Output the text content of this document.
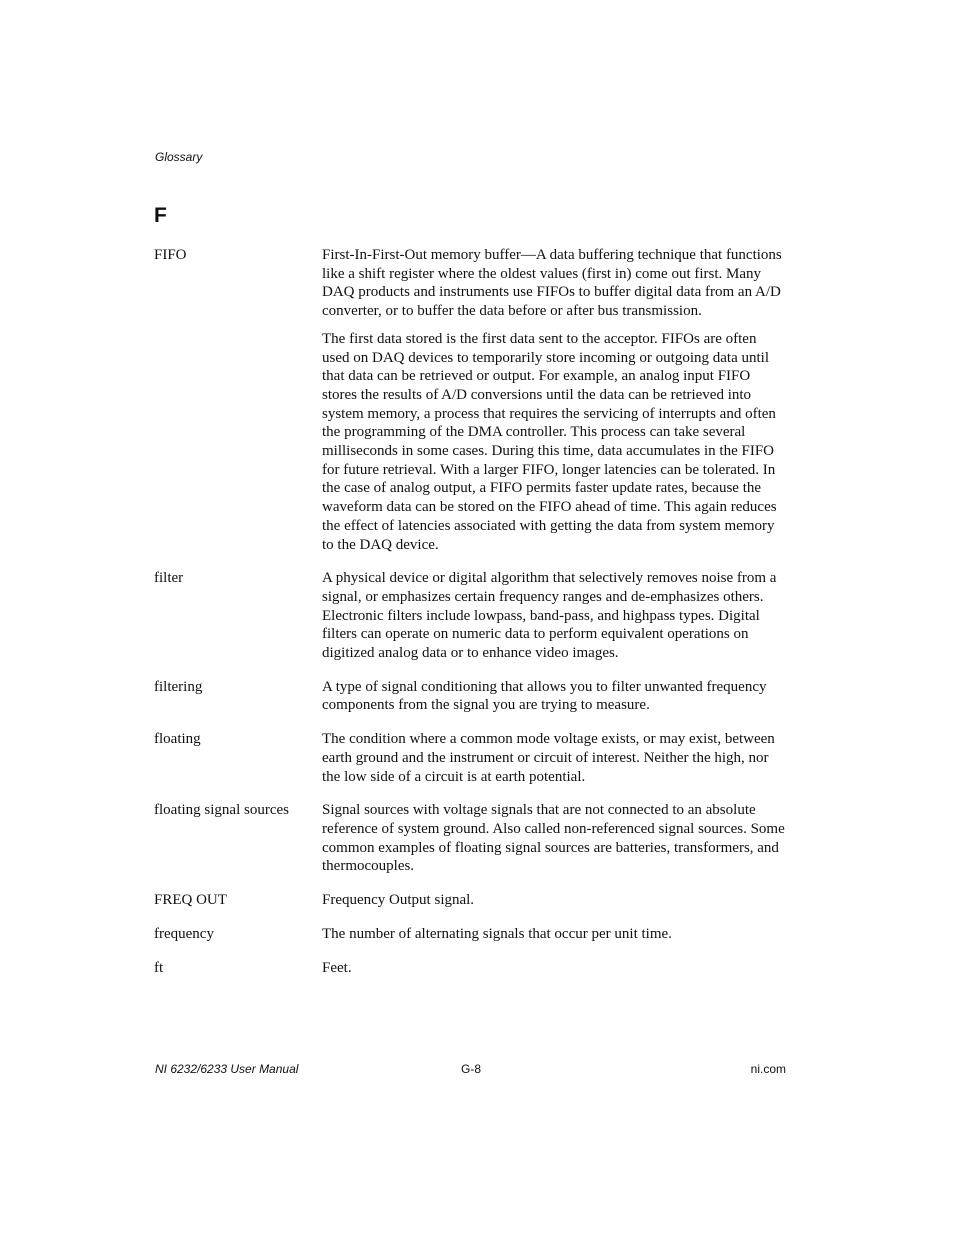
Glossary
F
FIFO	First-In-First-Out memory buffer—A data buffering technique that functions like a shift register where the oldest values (first in) come out first. Many DAQ products and instruments use FIFOs to buffer digital data from an A/D converter, or to buffer the data before or after bus transmission.

The first data stored is the first data sent to the acceptor. FIFOs are often used on DAQ devices to temporarily store incoming or outgoing data until that data can be retrieved or output. For example, an analog input FIFO stores the results of A/D conversions until the data can be retrieved into system memory, a process that requires the servicing of interrupts and often the programming of the DMA controller. This process can take several milliseconds in some cases. During this time, data accumulates in the FIFO for future retrieval. With a larger FIFO, longer latencies can be tolerated. In the case of analog output, a FIFO permits faster update rates, because the waveform data can be stored on the FIFO ahead of time. This again reduces the effect of latencies associated with getting the data from system memory to the DAQ device.

filter	A physical device or digital algorithm that selectively removes noise from a signal, or emphasizes certain frequency ranges and de-emphasizes others. Electronic filters include lowpass, band-pass, and highpass types. Digital filters can operate on numeric data to perform equivalent operations on digitized analog data or to enhance video images.

filtering	A type of signal conditioning that allows you to filter unwanted frequency components from the signal you are trying to measure.

floating	The condition where a common mode voltage exists, or may exist, between earth ground and the instrument or circuit of interest. Neither the high, nor the low side of a circuit is at earth potential.

floating signal sources	Signal sources with voltage signals that are not connected to an absolute reference of system ground. Also called non-referenced signal sources. Some common examples of floating signal sources are batteries, transformers, and thermocouples.

FREQ OUT	Frequency Output signal.

frequency	The number of alternating signals that occur per unit time.

ft	Feet.

NI 6232/6233 User Manual	G-8	ni.com
